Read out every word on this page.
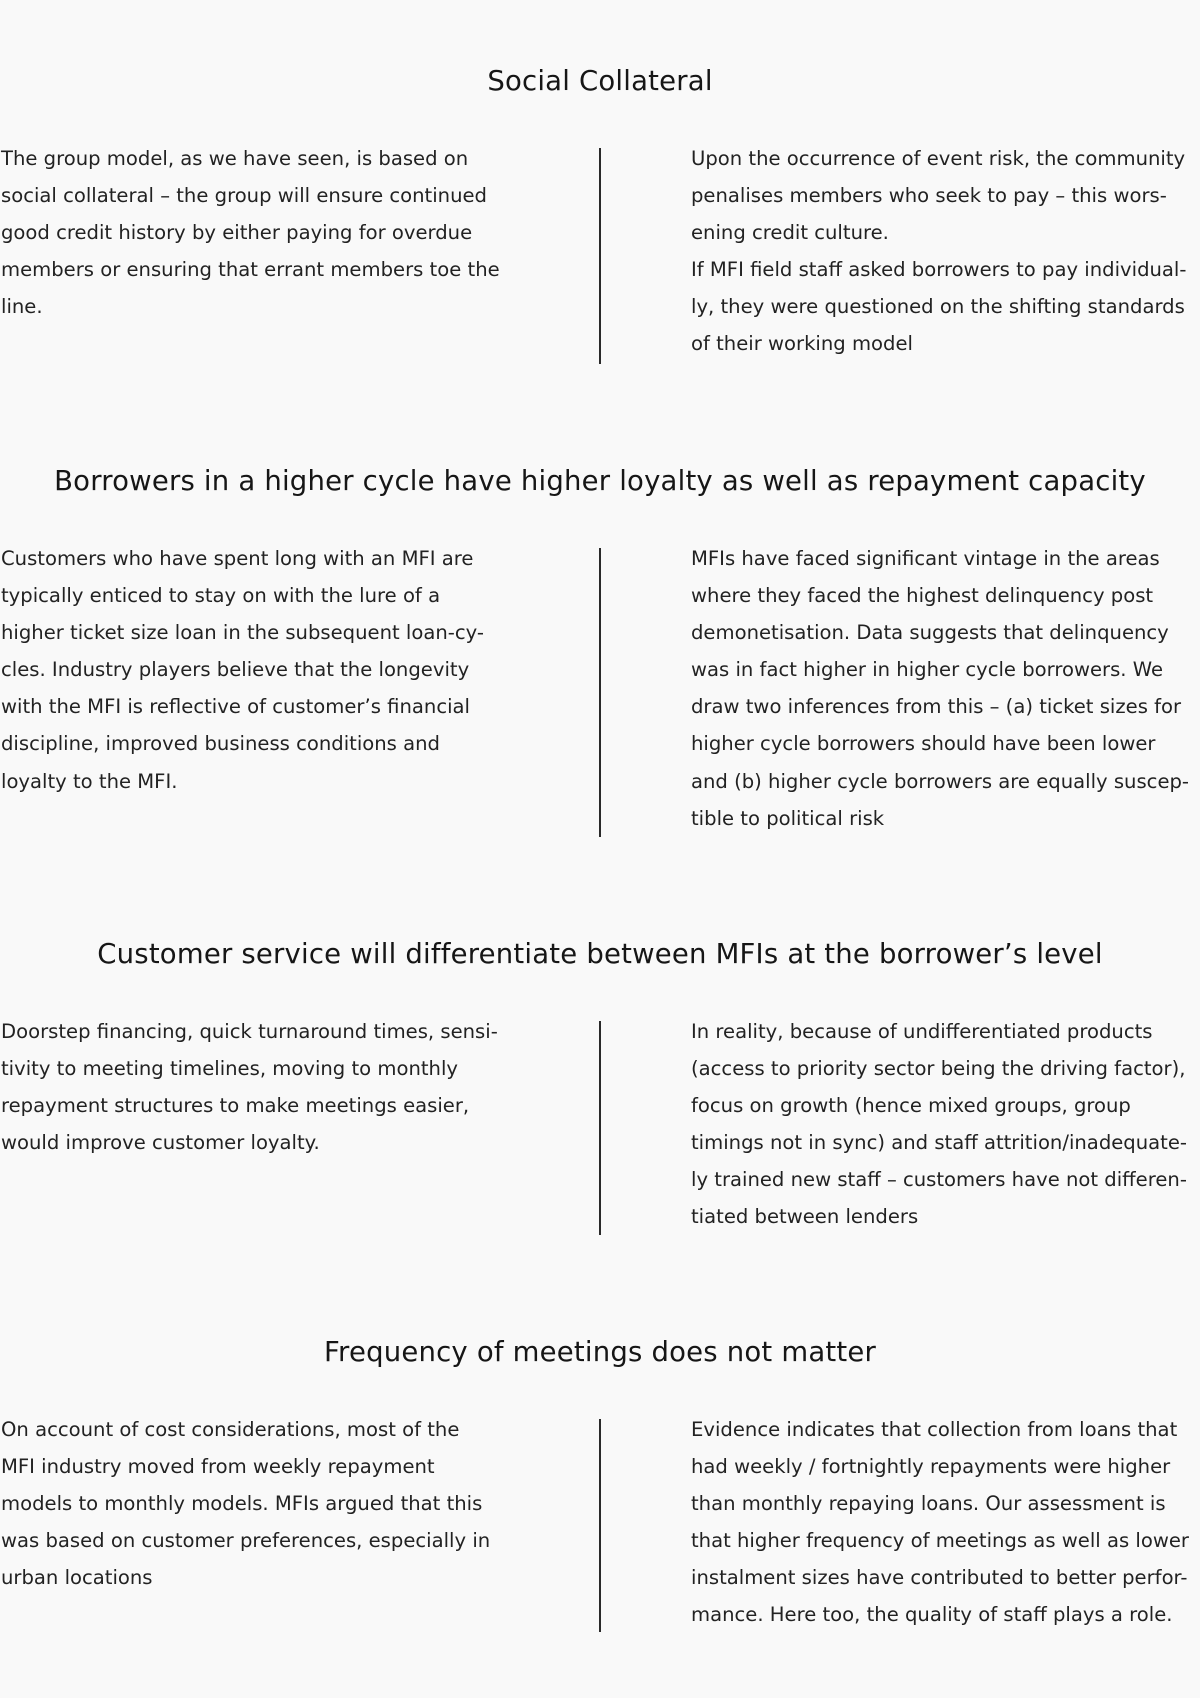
Social Collateral

The group model, as we have seen, is based on
social collateral – the group will ensure continued
good credit history by either paying for overdue
members or ensuring that errant members toe the
line.

Upon the occurrence of event risk, the community
penalises members who seek to pay – this wors-
ening credit culture.
If MFI field staff asked borrowers to pay individual-
ly, they were questioned on the shifting standards
of their working model

Borrowers in a higher cycle have higher loyalty as well as repayment capacity

Customers who have spent long with an MFI are
typically enticed to stay on with the lure of a
higher ticket size loan in the subsequent loan-cy-
cles. Industry players believe that the longevity
with the MFI is reflective of customer’s financial
discipline, improved business conditions and
loyalty to the MFI.

MFIs have faced significant vintage in the areas
where they faced the highest delinquency post
demonetisation. Data suggests that delinquency
was in fact higher in higher cycle borrowers. We
draw two inferences from this – (a) ticket sizes for
higher cycle borrowers should have been lower
and (b) higher cycle borrowers are equally suscep-
tible to political risk

Customer service will differentiate between MFIs at the borrower’s level

Doorstep financing, quick turnaround times, sensi-
tivity to meeting timelines, moving to monthly
repayment structures to make meetings easier,
would improve customer loyalty.

In reality, because of undifferentiated products
(access to priority sector being the driving factor),
focus on growth (hence mixed groups, group
timings not in sync) and staff attrition/inadequate-
ly trained new staff – customers have not differen-
tiated between lenders

Frequency of meetings does not matter

On account of cost considerations, most of the
MFI industry moved from weekly repayment
models to monthly models. MFIs argued that this
was based on customer preferences, especially in
urban locations

Evidence indicates that collection from loans that
had weekly / fortnightly repayments were higher
than monthly repaying loans. Our assessment is
that higher frequency of meetings as well as lower
instalment sizes have contributed to better perfor-
mance. Here too, the quality of staff plays a role.
